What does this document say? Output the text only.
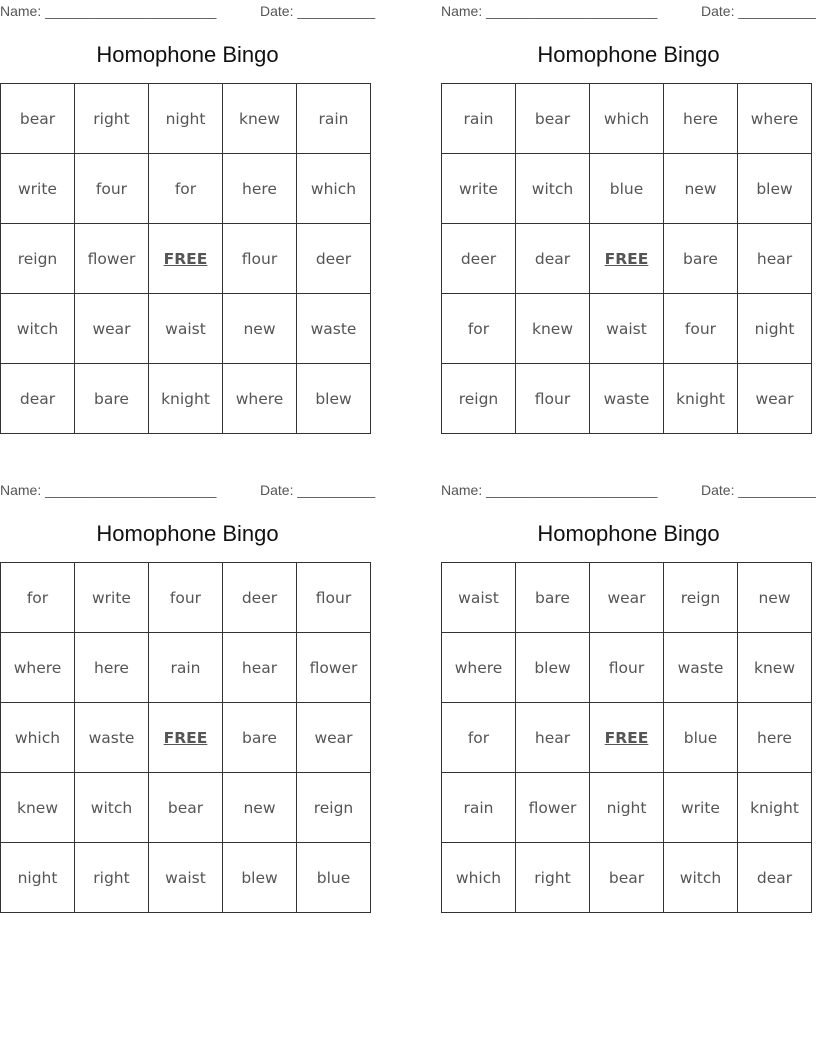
Name: ______________________	Date: __________
Homophone Bingo
bear	right	night	knew	rain
write	four	for	here	which
reign	flower	FREE	flour	deer
witch	wear	waist	new	waste
dear	bare	knight	where	blew
Name: ______________________	Date: __________
Homophone Bingo
rain	bear	which	here	where
write	witch	blue	new	blew
deer	dear	FREE	bare	hear
for	knew	waist	four	night
reign	flour	waste	knight	wear
Name: ______________________	Date: __________
Homophone Bingo
for	write	four	deer	flour
where	here	rain	hear	flower
which	waste	FREE	bare	wear
knew	witch	bear	new	reign
night	right	waist	blew	blue
Name: ______________________	Date: __________
Homophone Bingo
waist	bare	wear	reign	new
where	blew	flour	waste	knew
for	hear	FREE	blue	here
rain	flower	night	write	knight
which	right	bear	witch	dear
